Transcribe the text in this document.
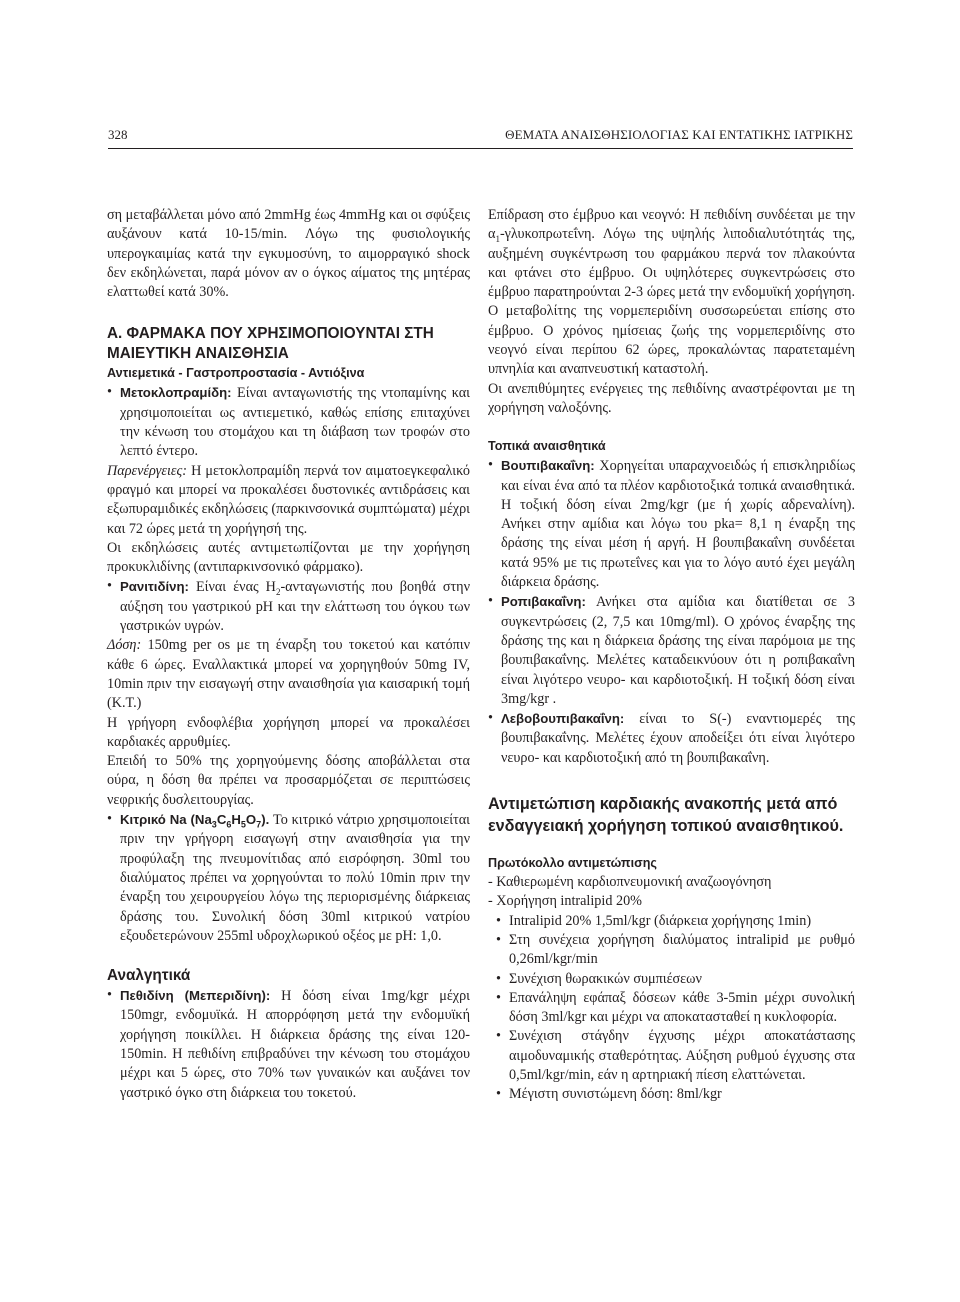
328	ΘΕΜΑΤΑ ΑΝΑΙΣΘΗΣΙΟΛΟΓΙΑΣ ΚΑΙ ΕΝΤΑΤΙΚΗΣ ΙΑΤΡΙΚΗΣ

ση μεταβάλλεται μόνο από 2mmHg έως 4mmHg και οι σφύξεις αυξάνουν κατά 10-15/min. Λόγω της φυσιολογικής υπερογκαιμίας κατά την εγκυμοσύνη, το αιμορραγικό shock δεν εκδηλώνεται, παρά μόνον αν ο όγκος αίματος της μητέρας ελαττωθεί κατά 30%.

Α. ΦΑΡΜΑΚΑ ΠΟΥ ΧΡΗΣΙΜΟΠΟΙΟΥΝΤΑΙ ΣΤΗ ΜΑΙΕΥΤΙΚΗ ΑΝΑΙΣΘΗΣΙΑ
Αντιεμετικά - Γαστροπροστασία - Αντιόξινα
• Μετοκλοπραμίδη: Είναι ανταγωνιστής της ντοπαμίνης και χρησιμοποιείται ως αντιεμετικό, καθώς επίσης επιταχύνει την κένωση του στομάχου και τη διάβαση των τροφών στο λεπτό έντερο.

Παρενέργειες: Η μετοκλοπραμίδη περνά τον αιματοεγκεφαλικό φραγμό και μπορεί να προκαλέσει δυστονικές αντιδράσεις και εξωπυραμιδικές εκδηλώσεις (παρκινσονικά συμπτώματα) μέχρι και 72 ώρες μετά τη χορήγησή της.

Οι εκδηλώσεις αυτές αντιμετωπίζονται με την χορήγηση προκυκλιδίνης (αντιπαρκινσονικό φάρμακο).

• Ρανιτιδίνη: Είναι ένας $H_2$-ανταγωνιστής που βοηθά στην αύξηση του γαστρικού pH και την ελάττωση του όγκου των γαστρικών υγρών.

Δόση: 150mg per os με τη έναρξη του τοκετού και κατόπιν κάθε 6 ώρες. Εναλλακτικά μπορεί να χορηγηθούν 50mg IV, 10min πριν την εισαγωγή στην αναισθησία για καισαρική τομή (Κ.Τ.)

Η γρήγορη ενδοφλέβια χορήγηση μπορεί να προκαλέσει καρδιακές αρρυθμίες.

Επειδή το 50% της χορηγούμενης δόσης αποβάλλεται στα ούρα, η δόση θα πρέπει να προσαρμόζεται σε περιπτώσεις νεφρικής δυσλειτουργίας.

• Κιτρικό Na $(Na_3C_6H_5O_7)$. Το κιτρικό νάτριο χρησιμοποιείται πριν την γρήγορη εισαγωγή στην αναισθησία για την προφύλαξη της πνευμονίτιδας από εισρόφηση. 30ml του διαλύματος πρέπει να χορηγούνται το πολύ 10min πριν την έναρξη του χειρουργείου λόγω της περιορισμένης διάρκειας δράσης του. Συνολική δόση 30ml κιτρικού νατρίου εξουδετερώνουν 255ml υδροχλωρικού οξέος με pH: 1,0.
Αναλγητικά
• Πεθιδίνη (Μεπεριδίνη): Η δόση είναι 1mg/kgr μέχρι 150mgr, ενδομυϊκά. Η απορρόφηση μετά την ενδομυϊκή χορήγηση ποικίλλει. Η διάρκεια δράσης της είναι 120-150min. Η πεθιδίνη επιβραδύνει την κένωση του στομάχου μέχρι και 5 ώρες, στο 70% των γυναικών και αυξάνει τον γαστρικό όγκο στη διάρκεια του τοκετού.

Επίδραση στο έμβρυο και νεογνό: Η πεθιδίνη συνδέεται με την $\alpha_1$-γλυκοπρωτεΐνη. Λόγω της υψηλής λιποδιαλυτότητάς της, αυξημένη συγκέντρωση του φαρμάκου περνά τον πλακούντα και φτάνει στο έμβρυο. Οι υψηλότερες συγκεντρώσεις στο έμβρυο παρατηρούνται 2-3 ώρες μετά την ενδομυϊκή χορήγηση. Ο μεταβολίτης της νορμεπεριδίνη συσσωρεύεται επίσης στο έμβρυο. Ο χρόνος ημίσειας ζωής της νορμεπεριδίνης στο νεογνό είναι περίπου 62 ώρες, προκαλώντας παρατεταμένη υπνηλία και αναπνευστική καταστολή.

Οι ανεπιθύμητες ενέργειες της πεθιδίνης αναστρέφονται με τη χορήγηση ναλοξόνης.

Τοπικά αναισθητικά
• Βουπιβακαΐνη: Χορηγείται υπαραχνοειδώς ή επισκληριδίως και είναι ένα από τα πλέον καρδιοτοξικά τοπικά αναισθητικά. Η τοξική δόση είναι 2mg/kgr (με ή χωρίς αδρεναλίνη). Ανήκει στην αμίδια και λόγω του pka= 8,1 η έναρξη της δράσης της είναι μέση ή αργή. Η βουπιβακαΐνη συνδέεται κατά 95% με τις πρωτεΐνες και για το λόγο αυτό έχει μεγάλη διάρκεια δράσης.
• Ροπιβακαΐνη: Ανήκει στα αμίδια και διατίθεται σε 3 συγκεντρώσεις (2, 7,5 και 10mg/ml). Ο χρόνος έναρξης της δράσης της και η διάρκεια δράσης της είναι παρόμοια με της βουπιβακαΐνης. Μελέτες καταδεικνύουν ότι η ροπιβακαΐνη είναι λιγότερο νευρο- και καρδιοτοξική. Η τοξική δόση είναι 3mg/kgr .
• Λεβοβουπιβακαΐνη: είναι το S(-) εναντιομερές της βουπιβακαΐνης. Μελέτες έχουν αποδείξει ότι είναι λιγότερο νευρο- και καρδιοτοξική από τη βουπιβακαΐνη.
Αντιμετώπιση καρδιακής ανακοπής μετά από ενδαγγειακή χορήγηση τοπικού αναισθητικού.
Πρωτόκολλο αντιμετώπισης

- Καθιερωμένη καρδιοπνευμονική αναζωογόνηση

- Χορήγηση intralipid 20%

• Intralipid 20% 1,5ml/kgr (διάρκεια χορήγησης 1min)
• Στη συνέχεια χορήγηση διαλύματος intralipid με ρυθμό 0,26ml/kgr/min
• Συνέχιση θωρακικών συμπιέσεων
• Επανάληψη εφάπαξ δόσεων κάθε 3-5min μέχρι συνολική δόση 3ml/kgr και μέχρι να αποκατασταθεί η κυκλοφορία.
• Συνέχιση στάγδην έγχυσης μέχρι αποκατάστασης αιμοδυναμικής σταθερότητας. Αύξηση ρυθμού έγχυσης στα 0,5ml/kgr/min, εάν η αρτηριακή πίεση ελαττώνεται.
• Μέγιστη συνιστώμενη δόση: 8ml/kgr
